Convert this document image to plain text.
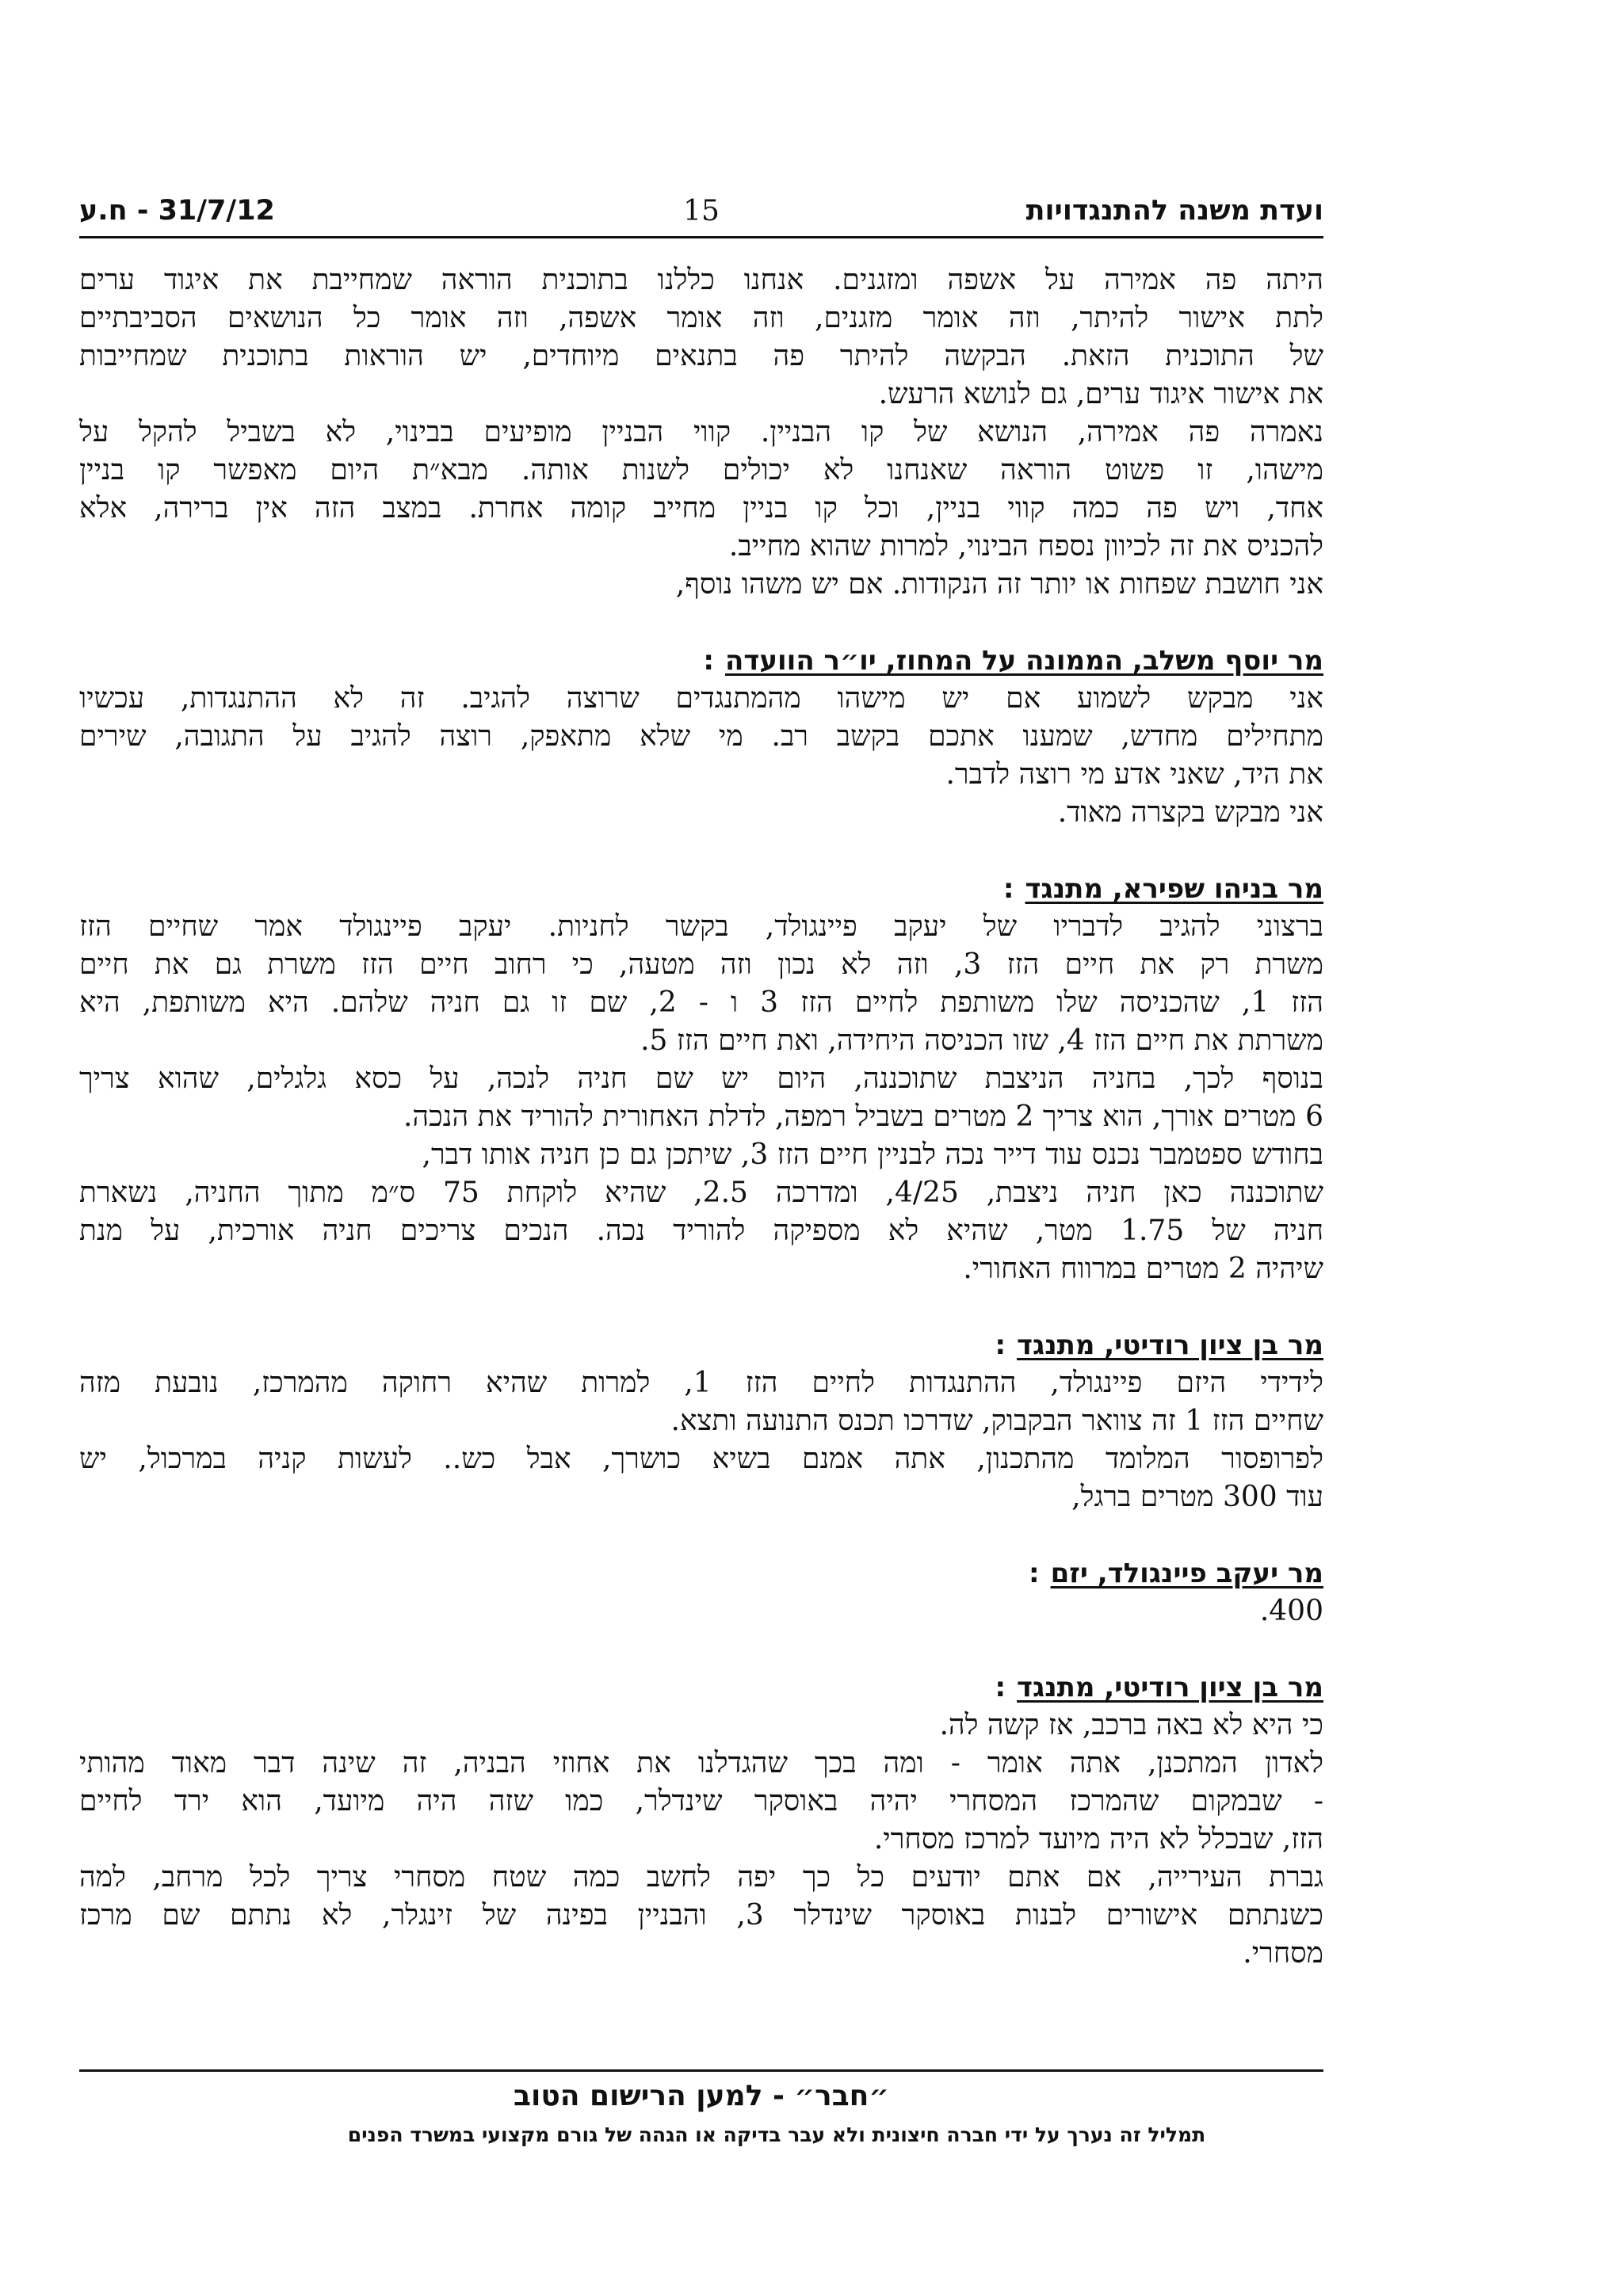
ועדת משנה להתנגדויות
15
31/7/12 - ח.ע
היתה פה אמירה על אשפה ומזגנים. אנחנו כללנו בתוכנית הוראה שמחייבת את איגוד ערים
לתת אישור להיתר, וזה אומר מזגנים, וזה אומר אשפה, וזה אומר כל הנושאים הסביבתיים
של התוכנית הזאת. הבקשה להיתר פה בתנאים מיוחדים, יש הוראות בתוכנית שמחייבות
את אישור איגוד ערים, גם לנושא הרעש.
נאמרה פה אמירה, הנושא של קו הבניין. קווי הבניין מופיעים בבינוי, לא בשביל להקל על
מישהו, זו פשוט הוראה שאנחנו לא יכולים לשנות אותה. מבא״ת היום מאפשר קו בניין
אחד, ויש פה כמה קווי בניין, וכל קו בניין מחייב קומה אחרת. במצב הזה אין ברירה, אלא
להכניס את זה לכיוון נספח הבינוי, למרות שהוא מחייב.
אני חושבת שפחות או יותר זה הנקודות. אם יש משהו נוסף,
מר יוסף משלב, הממונה על המחוז, יו״ר הוועדה:
אני מבקש לשמוע אם יש מישהו מהמתנגדים שרוצה להגיב. זה לא ההתנגדות, עכשיו
מתחילים מחדש, שמענו אתכם בקשב רב. מי שלא מתאפק, רוצה להגיב על התגובה, שירים
את היד, שאני אדע מי רוצה לדבר.
אני מבקש בקצרה מאוד.
מר בניהו שפירא, מתנגד:
ברצוני להגיב לדבריו של יעקב פיינגולד, בקשר לחניות. יעקב פיינגולד אמר שחיים הזז
משרת רק את חיים הזז 3, וזה לא נכון וזה מטעה, כי רחוב חיים הזז משרת גם את חיים
הזז 1, שהכניסה שלו משותפת לחיים הזז 3 ו - 2, שם זו גם חניה שלהם. היא משותפת, היא
משרתת את חיים הזז 4, שזו הכניסה היחידה, ואת חיים הזז 5.
בנוסף לכך, בחניה הניצבת שתוכננה, היום יש שם חניה לנכה, על כסא גלגלים, שהוא צריך
6 מטרים אורך, הוא צריך 2 מטרים בשביל רמפה, לדלת האחורית להוריד את הנכה.
בחודש ספטמבר נכנס עוד דייר נכה לבניין חיים הזז 3, שיתכן גם כן חניה אותו דבר,
שתוכננה כאן חניה ניצבת, 4/25, ומדרכה 2.5, שהיא לוקחת 75 ס״מ מתוך החניה, נשארת
חניה של 1.75 מטר, שהיא לא מספיקה להוריד נכה. הנכים צריכים חניה אורכית, על מנת
שיהיה 2 מטרים במרווח האחורי.
מר בן ציון רודיטי, מתנגד:
לידידי היזם פיינגולד, ההתנגדות לחיים הזז 1, למרות שהיא רחוקה מהמרכז, נובעת מזה
שחיים הזז 1 זה צוואר הבקבוק, שדרכו תכנס התנועה ותצא.
לפרופסור המלומד מהתכנון, אתה אמנם בשיא כושרך, אבל כש.. לעשות קניה במרכול, יש
עוד 300 מטרים ברגל,
מר יעקב פיינגולד, יזם:
400.
מר בן ציון רודיטי, מתנגד:
כי היא לא באה ברכב, אז קשה לה.
לאדון המתכנן, אתה אומר - ומה בכך שהגדלנו את אחוזי הבניה, זה שינה דבר מאוד מהותי
- שבמקום שהמרכז המסחרי יהיה באוסקר שינדלר, כמו שזה היה מיועד, הוא ירד לחיים
הזז, שבכלל לא היה מיועד למרכז מסחרי.
גברת העירייה, אם אתם יודעים כל כך יפה לחשב כמה שטח מסחרי צריך לכל מרחב, למה
כשנתתם אישורים לבנות באוסקר שינדלר 3, והבניין בפינה של זינגלר, לא נתתם שם מרכז
מסחרי.
״חבר״ - למען הרישום הטוב
תמליל זה נערך על ידי חברה חיצונית ולא עבר בדיקה או הגהה של גורם מקצועי במשרד הפנים
